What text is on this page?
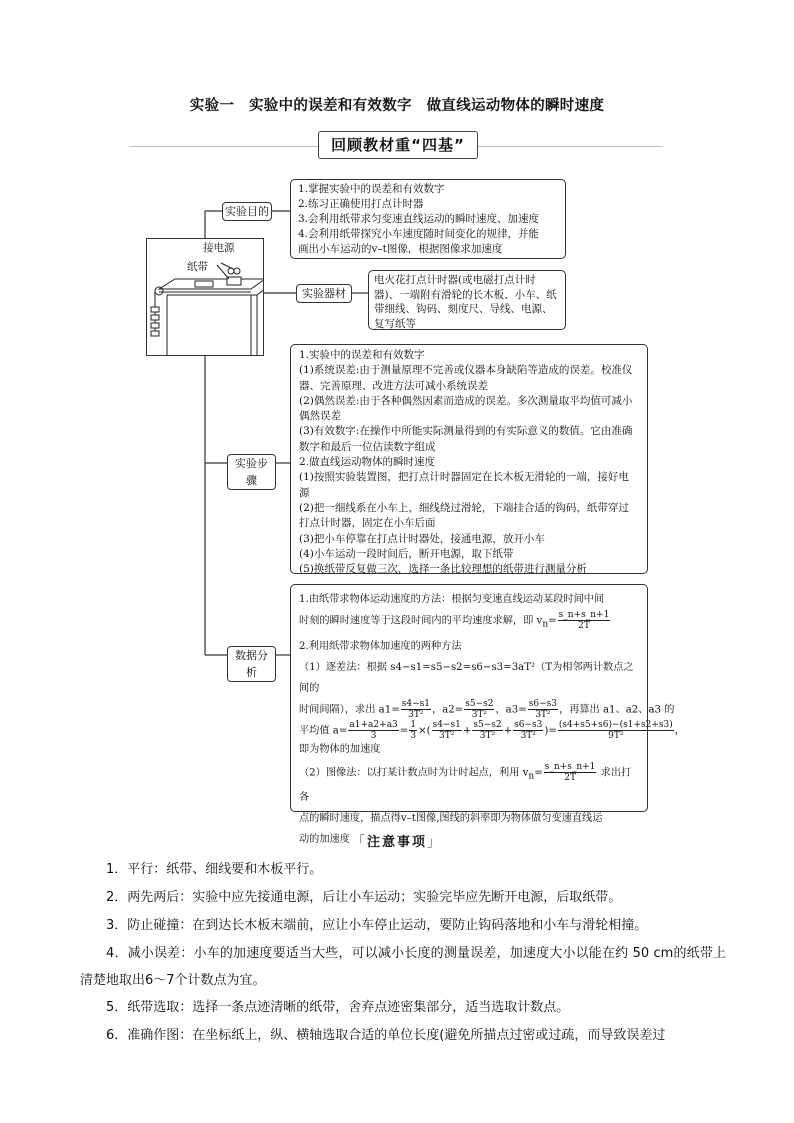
实验一　实验中的误差和有效数字　做直线运动物体的瞬时速度
回顾教材重“四基”
实验目的
实验器材
实验步骤
数据分析

1.掌握实验中的误差和有效数字

2.练习正确使用打点计时器

3.会利用纸带求匀变速直线运动的瞬时速度、加速度

4.会利用纸带探究小车速度随时间变化的规律，并能

画出小车运动的v–t图像，根据图像求加速度

接电源
纸带

电火花打点计时器(或电磁打点计时器)、一端附有滑轮的长木板、小车、纸带细线、钩码、刻度尺、导线、电源、复写纸等

1.实验中的误差和有效数字

(1)系统误差:由于测量原理不完善或仪器本身缺陷等造成的误差。校准仪器、完善原理、改进方法可减小系统误差

(2)偶然误差:由于各种偶然因素而造成的误差。多次测量取平均值可减小偶然误差

(3)有效数字:在操作中所能实际测量得到的有实际意义的数值。它由准确数字和最后一位估读数字组成

2.做直线运动物体的瞬时速度

(1)按照实验装置图，把打点计时器固定在长木板无滑轮的一端，接好电源

(2)把一细线系在小车上，细线绕过滑轮，下端挂合适的钩码，纸带穿过打点计时器，固定在小车后面

(3)把小车停靠在打点计时器处，接通电源，放开小车

(4)小车运动一段时间后，断开电源，取下纸带

(5)换纸带反复做三次，选择一条比较理想的纸带进行测量分析

1.由纸带求物体运动速度的方法：根据匀变速直线运动某段时间中间

时刻的瞬时速度等于这段时间内的平均速度求解，即 $v_n= \frac{s\_n+s\_n+1}{2T}$

2.利用纸带求物体加速度的两种方法

（1）逐差法：根据 s4−s1=s5−s2=s6−s3=3aT²（T为相邻两计数点之间的

时间间隔），求出 $a1= \frac{s4-s1}{\text{3T²}}$ ，$a2= \frac{s5-s2}{\text{3T²}}$ ，$a3= \frac{s6-s3}{\text{3T²}}$ ，再算出 a1、a2、a3 的

平均值 $a= \frac{a1+a2+a3}{3} = \frac{1}{3}$ ×( $\frac{s4-s1}{\text{3T²}} + \frac{s5-s2}{\text{3T²}} + \frac{s6-s3}{\text{3T²}}$ )= $\frac{(s4+s5+s6)-(s1+s2+s3)}{\text{9T²}}$ ，

即为物体的加速度

（2）图像法：以打某计数点时为计时起点，利用 $v_n= \frac{s\_n+s\_n+1}{2T}$ 求出打各

点的瞬时速度，描点得v–t图像,图线的斜率即为物体做匀变速直线运

动的加速度 「注意事项」
1．平行：纸带、细线要和木板平行。
2．两先两后：实验中应先接通电源，后让小车运动；实验完毕应先断开电源，后取纸带。
3．防止碰撞：在到达长木板末端前，应让小车停止运动，要防止钩码落地和小车与滑轮相撞。
4．减小误差：小车的加速度要适当大些，可以减小长度的测量误差，加速度大小以能在约 50 cm的纸带上清楚地取出6～7个计数点为宜。
5．纸带选取：选择一条点迹清晰的纸带，舍弃点迹密集部分，适当选取计数点。
6．准确作图：在坐标纸上，纵、横轴选取合适的单位长度(避免所描点过密或过疏，而导致误差过
